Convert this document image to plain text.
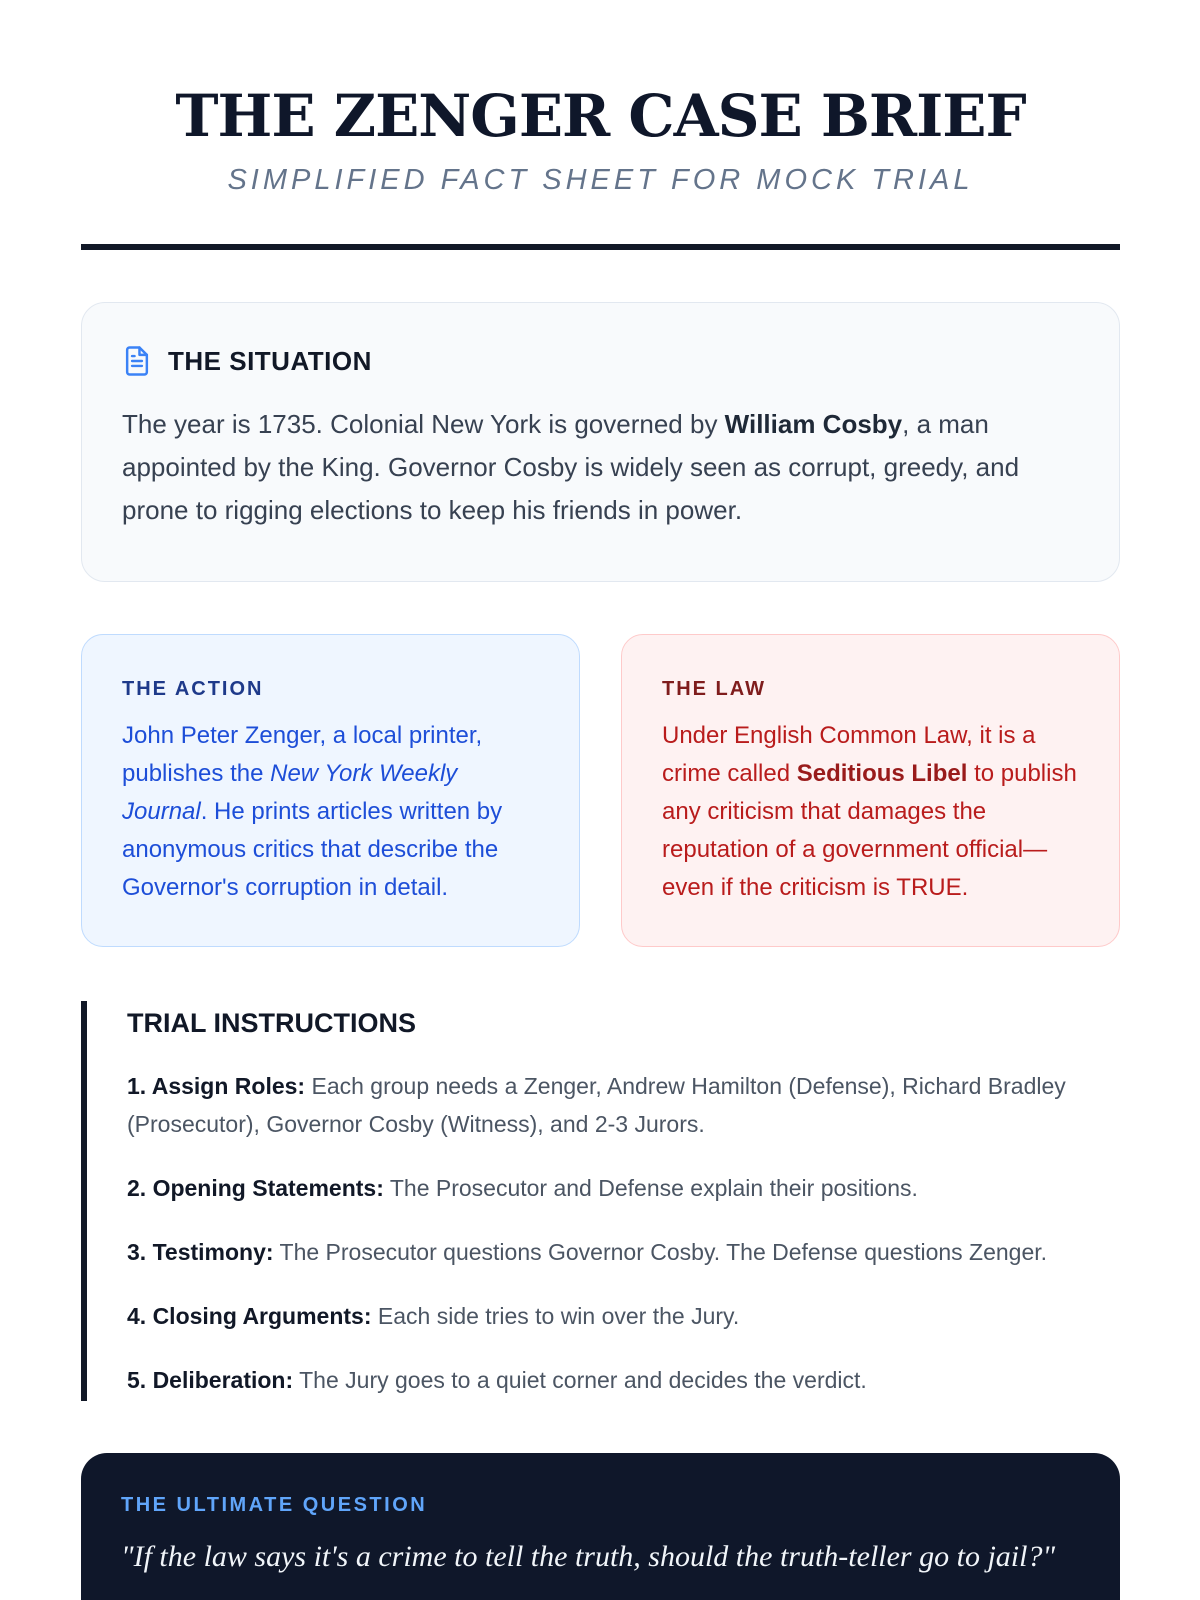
THE ZENGER CASE BRIEF
SIMPLIFIED FACT SHEET FOR MOCK TRIAL
THE SITUATION

The year is 1735. Colonial New York is governed by William Cosby, a man appointed by the King. Governor Cosby is widely seen as corrupt, greedy, and prone to rigging elections to keep his friends in power.

THE ACTION

John Peter Zenger, a local printer, publishes the New York Weekly Journal. He prints articles written by anonymous critics that describe the Governor's corruption in detail.

THE LAW

Under English Common Law, it is a crime called Seditious Libel to publish any criticism that damages the reputation of a government official—even if the criticism is TRUE.

TRIAL INSTRUCTIONS
1. Assign Roles: Each group needs a Zenger, Andrew Hamilton (Defense), Richard Bradley (Prosecutor), Governor Cosby (Witness), and 2-3 Jurors.
2. Opening Statements: The Prosecutor and Defense explain their positions.
3. Testimony: The Prosecutor questions Governor Cosby. The Defense questions Zenger.
4. Closing Arguments: Each side tries to win over the Jury.
5. Deliberation: The Jury goes to a quiet corner and decides the verdict.
THE ULTIMATE QUESTION
"If the law says it's a crime to tell the truth, should the truth-teller go to jail?"
